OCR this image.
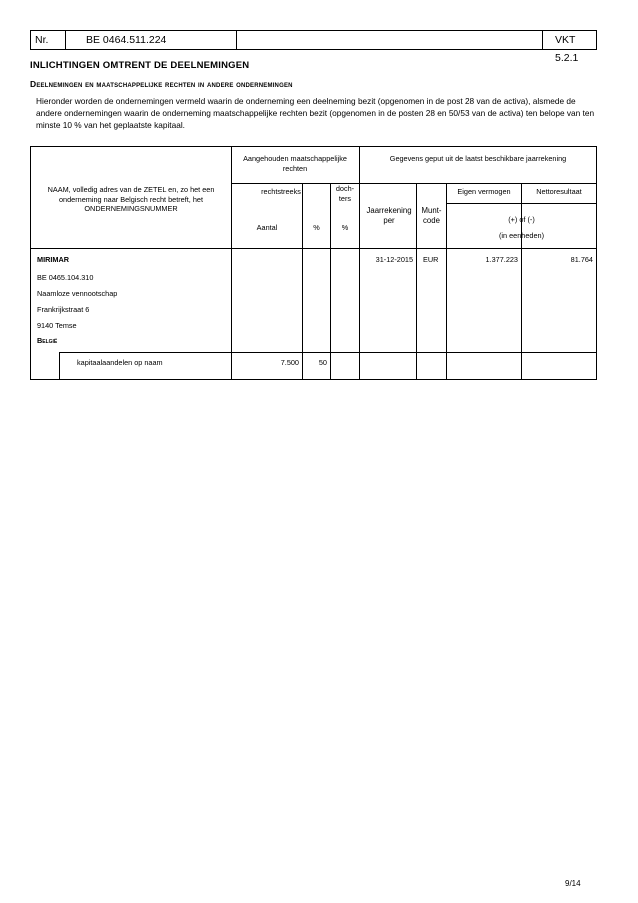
Nr.	BE 0464.511.224	VKT 5.2.1
INLICHTINGEN OMTRENT DE DEELNEMINGEN
Deelnemingen en maatschappelijke rechten in andere ondernemingen
Hieronder worden de ondernemingen vermeld waarin de onderneming een deelneming bezit (opgenomen in de post 28 van de activa), alsmede de andere ondernemingen waarin de onderneming maatschappelijke rechten bezit (opgenomen in de posten 28 en 50/53 van de activa) ten belope van ten minste 10 % van het geplaatste kapitaal.
NAAM, volledig adres van de ZETEL en, zo het een onderneming naar Belgisch recht betreft, het ONDERNEMINGSNUMMER
Aangehouden maatschappelijke rechten
Gegevens geput uit de laatst beschikbare jaarrekening
rechtstreeks	doch-ters
Aantal	%	%
Jaarrekening per
Munt-code
Eigen vermogen	Nettoresultaat
(+) of (-)
(in eenheden)
MIRIMAR
BE 0465.104.310
Naamloze vennootschap
Frankrijkstraat 6
9140 Temse
België
31-12-2015 EUR	1.377.223	81.764
kapitaalaandelen op naam	7.500	50
9/14
